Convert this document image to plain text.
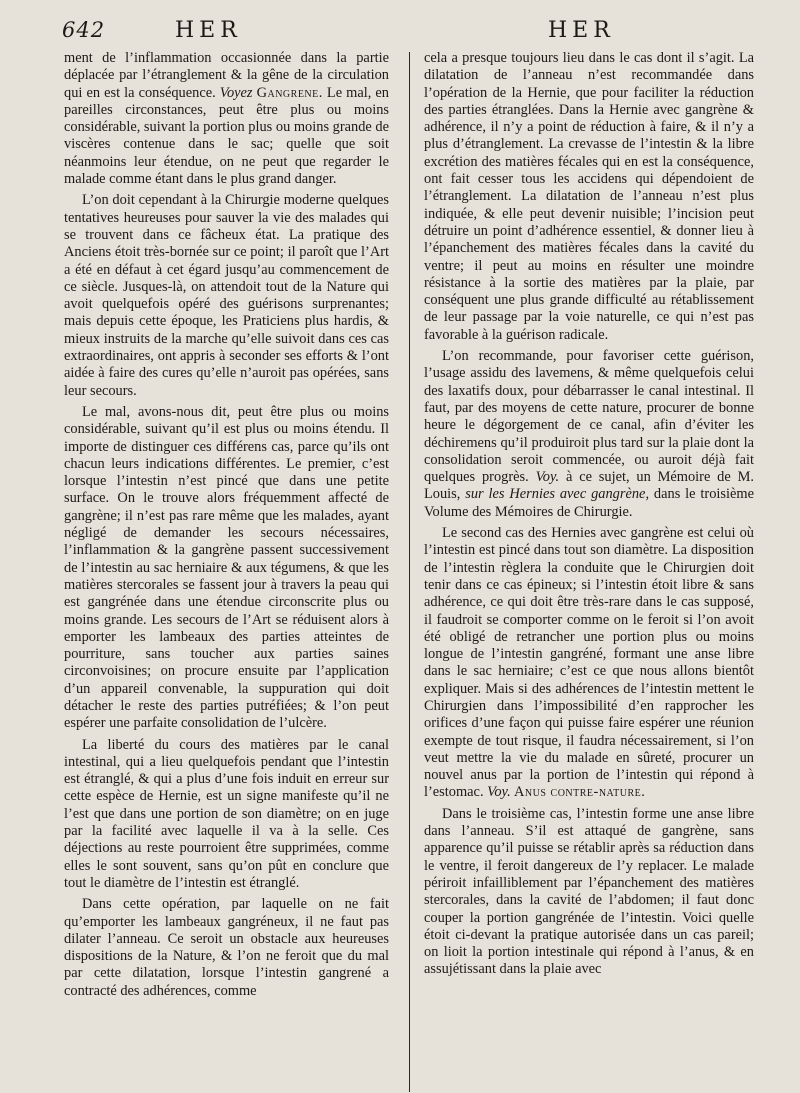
642	HER	HER

ment de l’inflammation occasionnée dans la partie déplacée par l’étranglement & la gêne de la circulation qui en est la conséquence. Voyez Gangrene. Le mal, en pareilles circonstances, peut être plus ou moins considérable, suivant la portion plus ou moins grande de viscères contenue dans le sac; quelle que soit néanmoins leur étendue, on ne peut que regarder le malade comme étant dans le plus grand danger.

L’on doit cependant à la Chirurgie moderne quelques tentatives heureuses pour sauver la vie des malades qui se trouvent dans ce fâcheux état. La pratique des Anciens étoit très-bornée sur ce point; il paroît que l’Art a été en défaut à cet égard jusqu’au commencement de ce siècle. Jusques-là, on attendoit tout de la Nature qui avoit quelquefois opéré des guérisons surprenantes; mais depuis cette époque, les Praticiens plus hardis, & mieux instruits de la marche qu’elle suivoit dans ces cas extraordinaires, ont appris à seconder ses efforts & l’ont aidée à faire des cures qu’elle n’auroit pas opérées, sans leur secours.

Le mal, avons-nous dit, peut être plus ou moins considérable, suivant qu’il est plus ou moins étendu. Il importe de distinguer ces différens cas, parce qu’ils ont chacun leurs indications différentes. Le premier, c’est lorsque l’intestin n’est pincé que dans une petite surface. On le trouve alors fréquemment affecté de gangrène; il n’est pas rare même que les malades, ayant négligé de demander les secours nécessaires, l’inflammation & la gangrène passent successivement de l’intestin au sac herniaire & aux tégumens, & que les matières stercorales se fassent jour à travers la peau qui est gangrénée dans une étendue circonscrite plus ou moins grande. Les secours de l’Art se réduisent alors à emporter les lambeaux des parties atteintes de pourriture, sans toucher aux parties saines circonvoisines; on procure ensuite par l’application d’un appareil convenable, la suppuration qui doit détacher le reste des parties putréfiées; & l’on peut espérer une parfaite consolidation de l’ulcère.

La liberté du cours des matières par le canal intestinal, qui a lieu quelquefois pendant que l’intestin est étranglé, & qui a plus d’une fois induit en erreur sur cette espèce de Hernie, est un signe manifeste qu’il ne l’est que dans une portion de son diamètre; on en juge par la facilité avec laquelle il va à la selle. Ces déjections au reste pourroient être supprimées, comme elles le sont souvent, sans qu’on pût en conclure que tout le diamètre de l’intestin est étranglé.

Dans cette opération, par laquelle on ne fait qu’emporter les lambeaux gangréneux, il ne faut pas dilater l’anneau. Ce seroit un obstacle aux heureuses dispositions de la Nature, & l’on ne feroit que du mal par cette dilatation, lorsque l’intestin gangrené a contracté des adhérences, comme

cela a presque toujours lieu dans le cas dont il s’agit. La dilatation de l’anneau n’est recommandée dans l’opération de la Hernie, que pour faciliter la réduction des parties étranglées. Dans la Hernie avec gangrène & adhérence, il n’y a point de réduction à faire, & il n’y a plus d’étranglement. La crevasse de l’intestin & la libre excrétion des matières fécales qui en est la conséquence, ont fait cesser tous les accidens qui dépendoient de l’étranglement. La dilatation de l’anneau n’est plus indiquée, & elle peut devenir nuisible; l’incision peut détruire un point d’adhérence essentiel, & donner lieu à l’épanchement des matières fécales dans la cavité du ventre; il peut au moins en résulter une moindre résistance à la sortie des matières par la plaie, par conséquent une plus grande difficulté au rétablissement de leur passage par la voie naturelle, ce qui n’est pas favorable à la guérison radicale.

L’on recommande, pour favoriser cette guérison, l’usage assidu des lavemens, & même quelquefois celui des laxatifs doux, pour débarrasser le canal intestinal. Il faut, par des moyens de cette nature, procurer de bonne heure le dégorgement de ce canal, afin d’éviter les déchiremens qu’il produiroit plus tard sur la plaie dont la consolidation seroit commencée, ou auroit déjà fait quelques progrès. Voy. à ce sujet, un Mémoire de M. Louis, sur les Hernies avec gangrène, dans le troisième Volume des Mémoires de Chirurgie.

Le second cas des Hernies avec gangrène est celui où l’intestin est pincé dans tout son diamètre. La disposition de l’intestin règlera la conduite que le Chirurgien doit tenir dans ce cas épineux; si l’intestin étoit libre & sans adhérence, ce qui doit être très-rare dans le cas supposé, il faudroit se comporter comme on le feroit si l’on avoit été obligé de retrancher une portion plus ou moins longue de l’intestin gangréné, formant une anse libre dans le sac herniaire; c’est ce que nous allons bientôt expliquer. Mais si des adhérences de l’intestin mettent le Chirurgien dans l’impossibilité d’en rapprocher les orifices d’une façon qui puisse faire espérer une réunion exempte de tout risque, il faudra nécessairement, si l’on veut mettre la vie du malade en sûreté, procurer un nouvel anus par la portion de l’intestin qui répond à l’estomac. Voy. Anus contre-nature.

Dans le troisième cas, l’intestin forme une anse libre dans l’anneau. S’il est attaqué de gangrène, sans apparence qu’il puisse se rétablir après sa réduction dans le ventre, il feroit dangereux de l’y replacer. Le malade périroit infailliblement par l’épanchement des matières stercorales, dans la cavité de l’abdomen; il faut donc couper la portion gangrénée de l’intestin. Voici quelle étoit ci-devant la pratique autorisée dans un cas pareil; on lioit la portion intestinale qui répond à l’anus, & en assujétissant dans la plaie avec
